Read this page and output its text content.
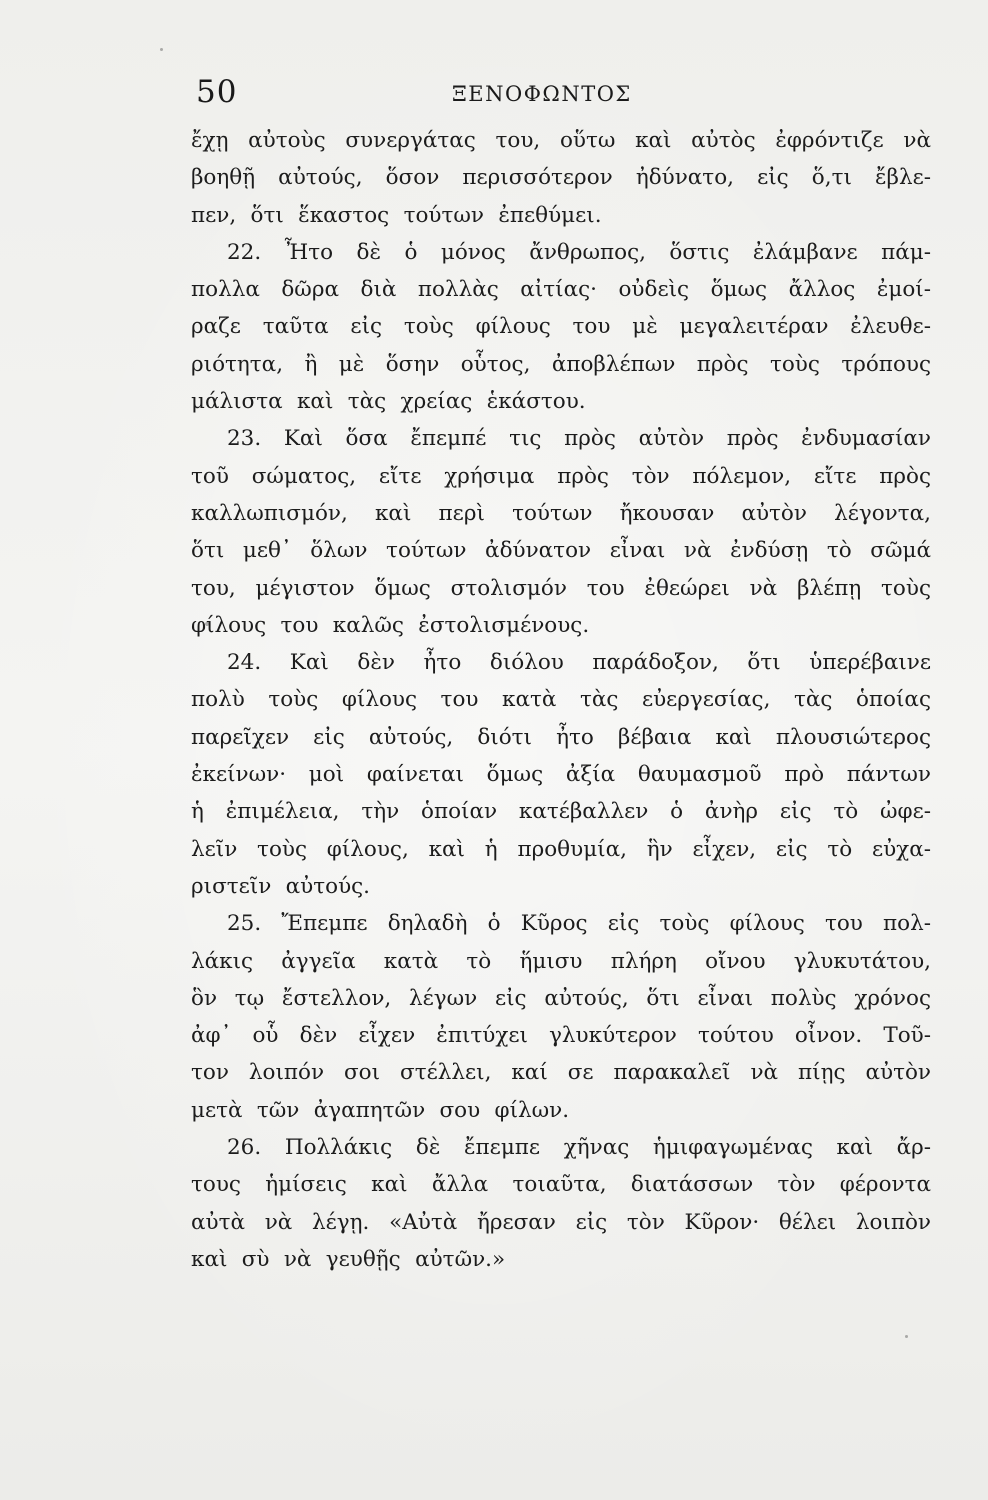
50	ΞΕΝΟΦΩΝΤΟΣ
ἔχῃ αὐτοὺς συνεργάτας του, οὕτω καὶ αὐτὸς ἐφρόντιζε νὰ
βοηθῇ αὐτούς, ὅσον περισσότερον ἠδύνατο, εἰς ὅ,τι ἔβλε-
πεν, ὅτι ἕκαστος τούτων ἐπεθύμει.
22. Ἦτο δὲ ὁ μόνος ἄνθρωπος, ὅστις ἐλάμβανε πάμ-
πολλα δῶρα διὰ πολλὰς αἰτίας· οὐδεὶς ὅμως ἄλλος ἐμοί-
ραζε ταῦτα εἰς τοὺς φίλους του μὲ μεγαλειτέραν ἐλευθε-
ριότητα, ἢ μὲ ὅσην οὗτος, ἀποβλέπων πρὸς τοὺς τρόπους
μάλιστα καὶ τὰς χρείας ἑκάστου.
23. Καὶ ὅσα ἔπεμπέ τις πρὸς αὐτὸν πρὸς ἐνδυμασίαν
τοῦ σώματος, εἴτε χρήσιμα πρὸς τὸν πόλεμον, εἴτε πρὸς
καλλωπισμόν, καὶ περὶ τούτων ἤκουσαν αὐτὸν λέγοντα,
ὅτι μεθ᾽ ὅλων τούτων ἀδύνατον εἶναι νὰ ἐνδύσῃ τὸ σῶμά
του, μέγιστον ὅμως στολισμόν του ἐθεώρει νὰ βλέπῃ τοὺς
φίλους του καλῶς ἐστολισμένους.
24. Καὶ δὲν ἦτο διόλου παράδοξον, ὅτι ὑπερέβαινε
πολὺ τοὺς φίλους του κατὰ τὰς εὐεργεσίας, τὰς ὁποίας
παρεῖχεν εἰς αὐτούς, διότι ἦτο βέβαια καὶ πλουσιώτερος
ἐκείνων· μοὶ φαίνεται ὅμως ἀξία θαυμασμοῦ πρὸ πάντων
ἡ ἐπιμέλεια, τὴν ὁποίαν κατέβαλλεν ὁ ἀνὴρ εἰς τὸ ὠφε-
λεῖν τοὺς φίλους, καὶ ἡ προθυμία, ἣν εἶχεν, εἰς τὸ εὐχα-
ριστεῖν αὐτούς.
25. Ἔπεμπε δηλαδὴ ὁ Κῦρος εἰς τοὺς φίλους του πολ-
λάκις ἀγγεῖα κατὰ τὸ ἥμισυ πλήρη οἴνου γλυκυτάτου,
ὃν τῳ ἔστελλον, λέγων εἰς αὐτούς, ὅτι εἶναι πολὺς χρόνος
ἀφ᾽ οὗ δὲν εἶχεν ἐπιτύχει γλυκύτερον τούτου οἶνον. Τοῦ-
τον λοιπόν σοι στέλλει, καί σε παρακαλεῖ νὰ πίῃς αὐτὸν
μετὰ τῶν ἀγαπητῶν σου φίλων.
26. Πολλάκις δὲ ἔπεμπε χῆνας ἡμιφαγωμένας καὶ ἄρ-
τους ἡμίσεις καὶ ἄλλα τοιαῦτα, διατάσσων τὸν φέροντα
αὐτὰ νὰ λέγῃ. «Αὐτὰ ἤρεσαν εἰς τὸν Κῦρον· θέλει λοιπὸν
καὶ σὺ νὰ γευθῇς αὐτῶν.»
